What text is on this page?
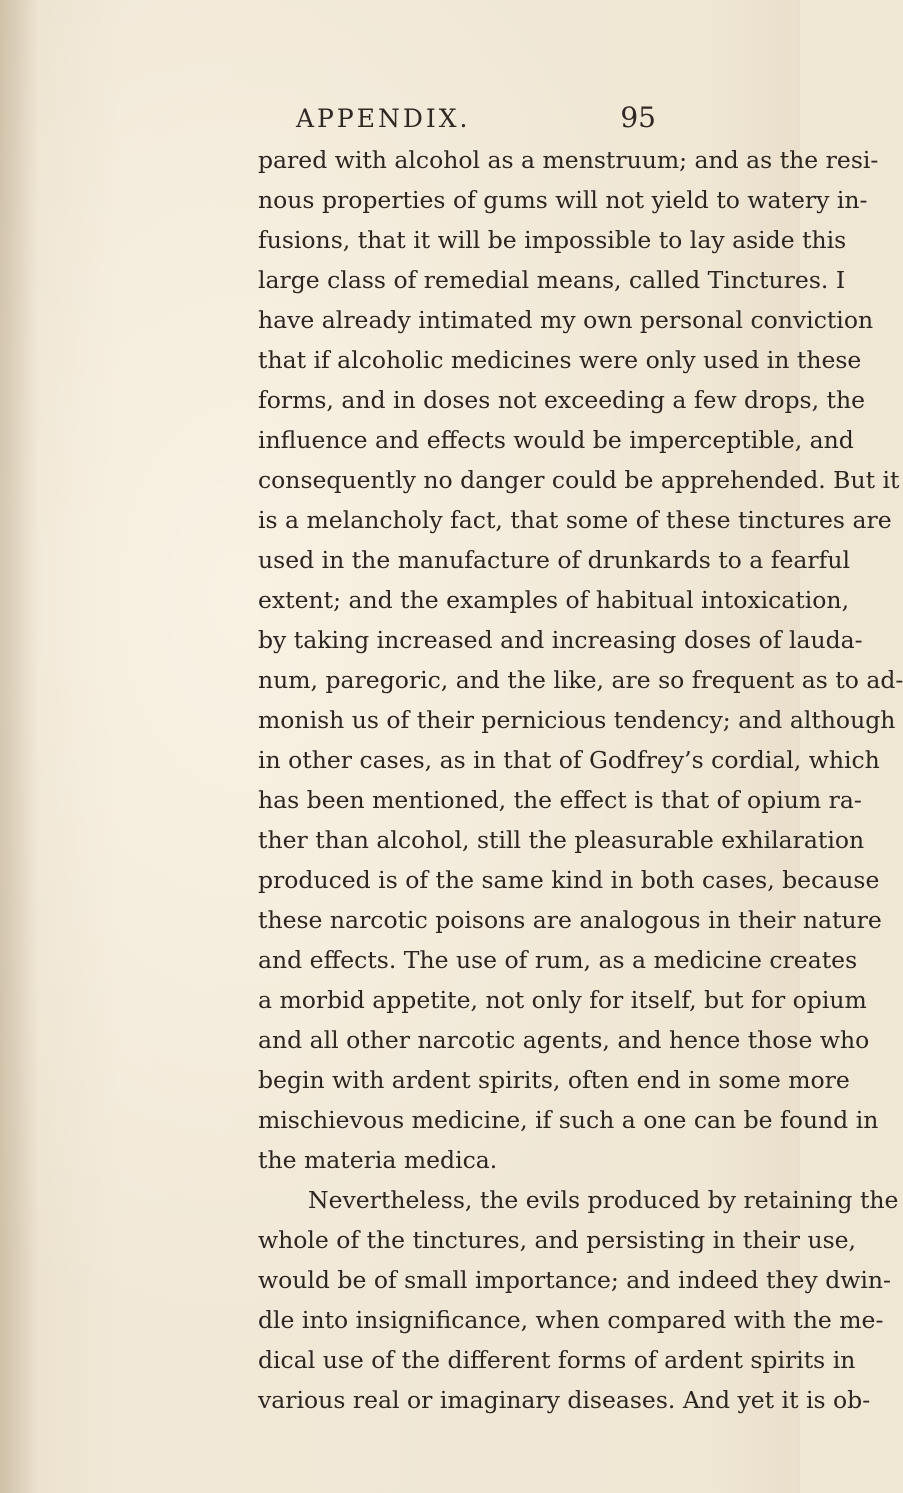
APPENDIX.	95
pared with alcohol as a menstruum; and as the resi-
nous properties of gums will not yield to watery in-
fusions, that it will be impossible to lay aside this
large class of remedial means, called Tinctures. I
have already intimated my own personal conviction
that if alcoholic medicines were only used in these
forms, and in doses not exceeding a few drops, the
influence and effects would be imperceptible, and
consequently no danger could be apprehended. But it
is a melancholy fact, that some of these tinctures are
used in the manufacture of drunkards to a fearful
extent; and the examples of habitual intoxication,
by taking increased and increasing doses of lauda-
num, paregoric, and the like, are so frequent as to ad-
monish us of their pernicious tendency; and although
in other cases, as in that of Godfrey’s cordial, which
has been mentioned, the effect is that of opium ra-
ther than alcohol, still the pleasurable exhilaration
produced is of the same kind in both cases, because
these narcotic poisons are analogous in their nature
and effects. The use of rum, as a medicine creates
a morbid appetite, not only for itself, but for opium
and all other narcotic agents, and hence those who
begin with ardent spirits, often end in some more
mischievous medicine, if such a one can be found in
the materia medica.
Nevertheless, the evils produced by retaining the
whole of the tinctures, and persisting in their use,
would be of small importance; and indeed they dwin-
dle into insignificance, when compared with the me-
dical use of the different forms of ardent spirits in
various real or imaginary diseases. And yet it is ob-
